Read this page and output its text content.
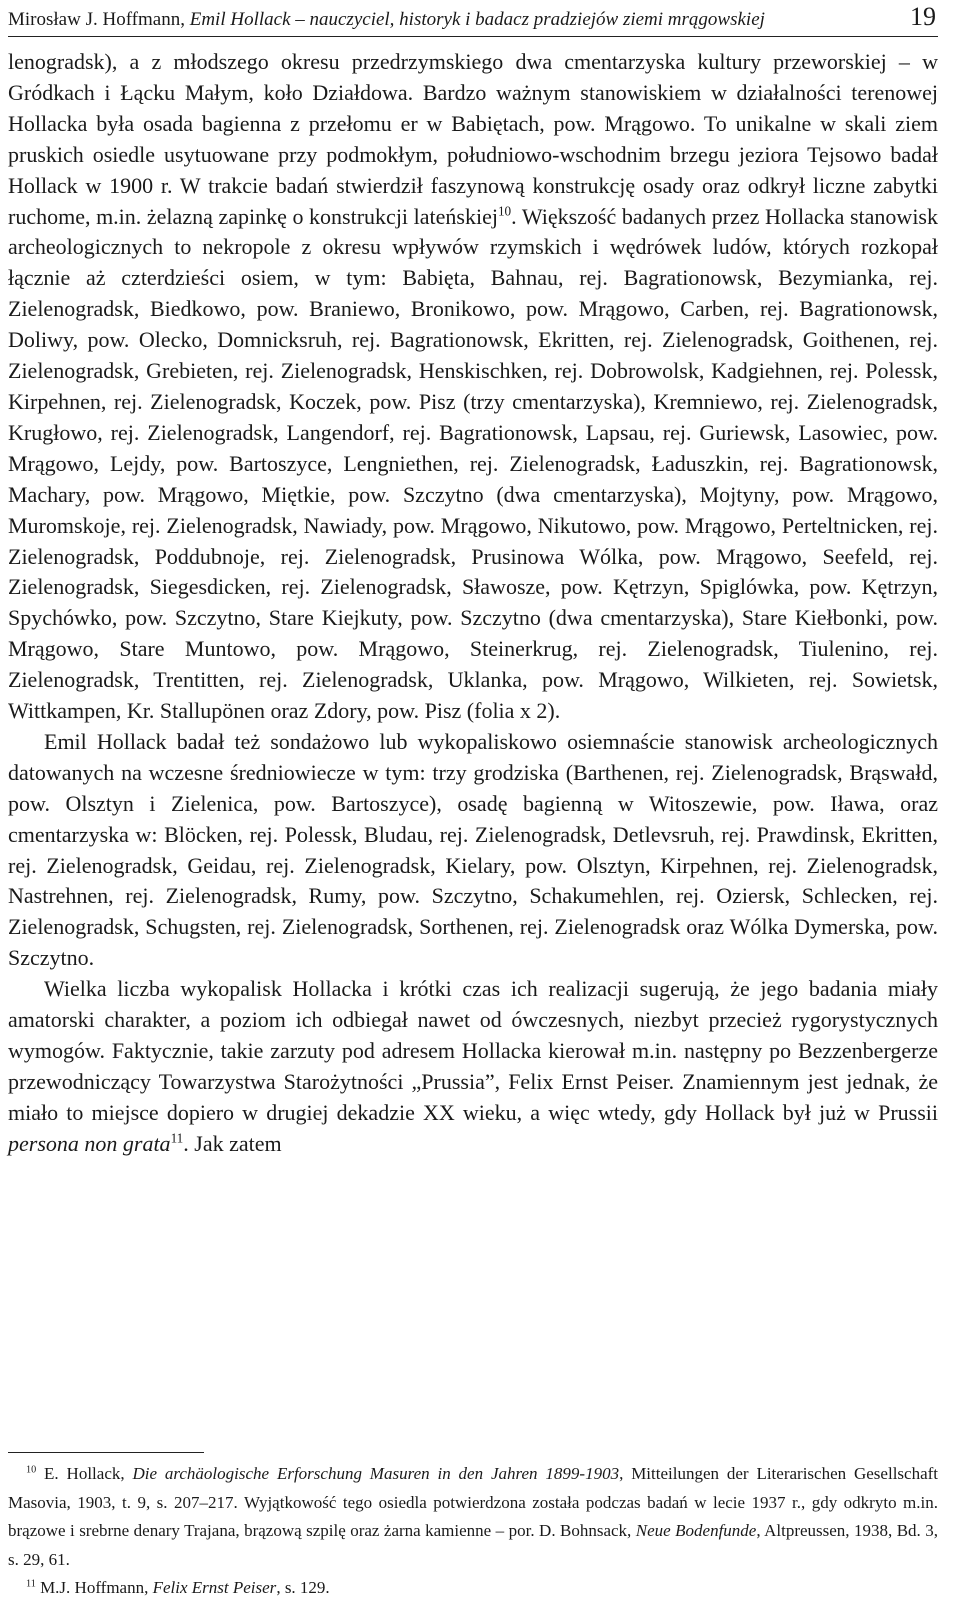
Mirosław J. Hoffmann, Emil Hollack – nauczyciel, historyk i badacz pradziejów ziemi mrągowskiej	19

lenogradsk), a z młodszego okresu przedrzymskiego dwa cmentarzyska kultury przeworskiej – w Gródkach i Łącku Małym, koło Działdowa. Bardzo ważnym stanowiskiem w działalności terenowej Hollacka była osada bagienna z przełomu er w Babiętach, pow. Mrągowo. To unikalne w skali ziem pruskich osiedle usytuowane przy podmokłym, południowo-wschodnim brzegu jeziora Tejsowo badał Hollack w 1900 r. W trakcie badań stwierdził faszynową konstrukcję osady oraz odkrył liczne zabytki ruchome, m.in. żelazną zapinkę o konstrukcji lateńskiej$^{10}$. Większość badanych przez Hollacka stanowisk archeologicznych to nekropole z okresu wpływów rzymskich i wędrówek ludów, których rozkopał łącznie aż czterdzieści osiem, w tym: Babięta, Bahnau, rej. Bagrationowsk, Bezymianka, rej. Zielenogradsk, Biedkowo, pow. Braniewo, Bronikowo, pow. Mrągowo, Carben, rej. Bagrationowsk, Doliwy, pow. Olecko, Domnicksruh, rej. Bagrationowsk, Ekritten, rej. Zielenogradsk, Goithenen, rej. Zielenogradsk, Grebieten, rej. Zielenogradsk, Henskischken, rej. Dobrowolsk, Kadgiehnen, rej. Polessk, Kirpehnen, rej. Zielenogradsk, Koczek, pow. Pisz (trzy cmentarzyska), Kremniewo, rej. Zielenogradsk, Krugłowo, rej. Zielenogradsk, Langendorf, rej. Bagrationowsk, Lapsau, rej. Guriewsk, Lasowiec, pow. Mrągowo, Lejdy, pow. Bartoszyce, Lengniethen, rej. Zielenogradsk, Ładuszkin, rej. Bagrationowsk, Machary, pow. Mrągowo, Miętkie, pow. Szczytno (dwa cmentarzyska), Mojtyny, pow. Mrągowo, Muromskoje, rej. Zielenogradsk, Nawiady, pow. Mrągowo, Nikutowo, pow. Mrągowo, Perteltnicken, rej. Zielenogradsk, Poddubnoje, rej. Zielenogradsk, Prusinowa Wólka, pow. Mrągowo, Seefeld, rej. Zielenogradsk, Siegesdicken, rej. Zielenogradsk, Sławosze, pow. Kętrzyn, Spiglówka, pow. Kętrzyn, Spychówko, pow. Szczytno, Stare Kiejkuty, pow. Szczytno (dwa cmentarzyska), Stare Kiełbonki, pow. Mrągowo, Stare Muntowo, pow. Mrągowo, Steinerkrug, rej. Zielenogradsk, Tiulenino, rej. Zielenogradsk, Trentitten, rej. Zielenogradsk, Uklanka, pow. Mrągowo, Wilkieten, rej. Sowietsk, Wittkampen, Kr. Stallupönen oraz Zdory, pow. Pisz (folia x 2).

Emil Hollack badał też sondażowo lub wykopaliskowo osiemnaście stanowisk archeologicznych datowanych na wczesne średniowiecze w tym: trzy grodziska (Barthenen, rej. Zielenogradsk, Brąswałd, pow. Olsztyn i Zielenica, pow. Bartoszyce), osadę bagienną w Witoszewie, pow. Iława, oraz cmentarzyska w: Blöcken, rej. Polessk, Bludau, rej. Zielenogradsk, Detlevsruh, rej. Prawdinsk, Ekritten, rej. Zielenogradsk, Geidau, rej. Zielenogradsk, Kielary, pow. Olsztyn, Kirpehnen, rej. Zielenogradsk, Nastrehnen, rej. Zielenogradsk, Rumy, pow. Szczytno, Schakumehlen, rej. Oziersk, Schlecken, rej. Zielenogradsk, Schugsten, rej. Zielenogradsk, Sorthenen, rej. Zielenogradsk oraz Wólka Dymerska, pow. Szczytno.

Wielka liczba wykopalisk Hollacka i krótki czas ich realizacji sugerują, że jego badania miały amatorski charakter, a poziom ich odbiegał nawet od ówczesnych, niezbyt przecież rygorystycznych wymogów. Faktycznie, takie zarzuty pod adresem Hollacka kierował m.in. następny po Bezzenbergerze przewodniczący Towarzystwa Starożytności „Prussia”, Felix Ernst Peiser. Znamiennym jest jednak, że miało to miejsce dopiero w drugiej dekadzie XX wieku, a więc wtedy, gdy Hollack był już w Prussii persona non grata$^{11}$. Jak zatem

$^{10}$ E. Hollack, Die archäologische Erforschung Masuren in den Jahren 1899-1903, Mitteilungen der Literarischen Gesellschaft Masovia, 1903, t. 9, s. 207–217. Wyjątkowość tego osiedla potwierdzona została podczas badań w lecie 1937 r., gdy odkryto m.in. brązowe i srebrne denary Trajana, brązową szpilę oraz żarna kamienne – por. D. Bohnsack, Neue Bodenfunde, Altpreussen, 1938, Bd. 3, s. 29, 61.

$^{11}$ M.J. Hoffmann, Felix Ernst Peiser, s. 129.
